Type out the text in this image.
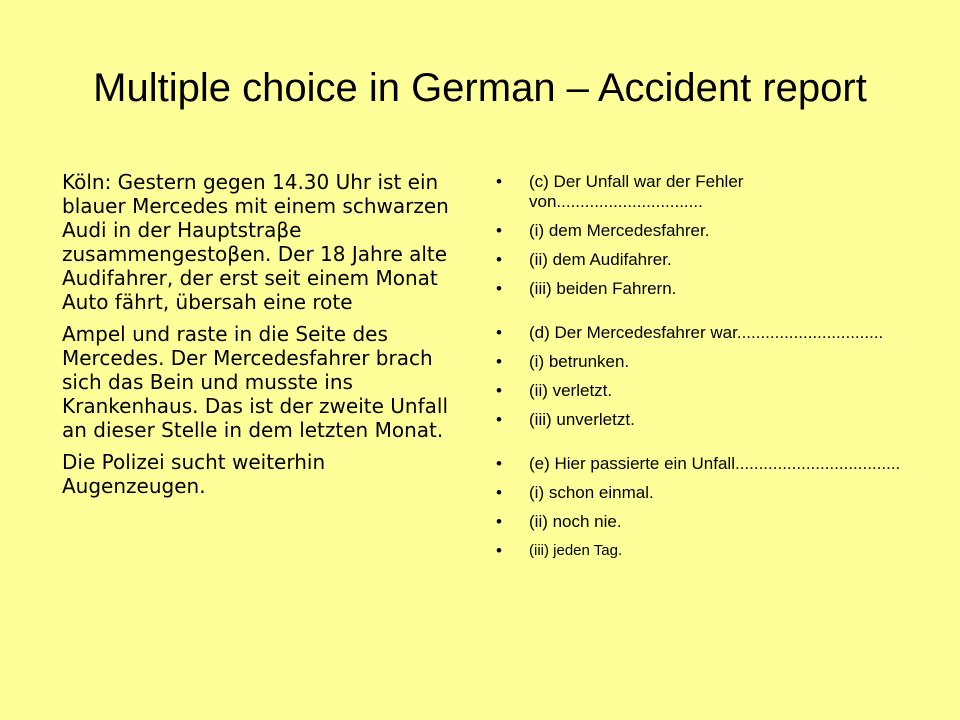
Multiple choice in German – Accident report

Köln: Gestern gegen 14.30 Uhr ist ein blauer Mercedes mit einem schwarzen Audi in der Hauptstraβe zusammengestoβen. Der 18 Jahre alte Audifahrer, der erst seit einem Monat Auto fährt, übersah eine rote

Ampel und raste in die Seite des Mercedes. Der Mercedesfahrer brach sich das Bein und musste ins Krankenhaus. Das ist der zweite Unfall an dieser Stelle in dem letzten Monat.

Die Polizei sucht weiterhin Augenzeugen.

• (c) Der Unfall war der Fehler von...............................
• (i) dem Mercedesfahrer.
• (ii) dem Audifahrer.
• (iii) beiden Fahrern.
• (d) Der Mercedesfahrer war...............................
• (i) betrunken.
• (ii) verletzt.
• (iii) unverletzt.
• (e) Hier passierte ein Unfall...................................
• (i) schon einmal.
• (ii) noch nie.
• (iii) jeden Tag.
